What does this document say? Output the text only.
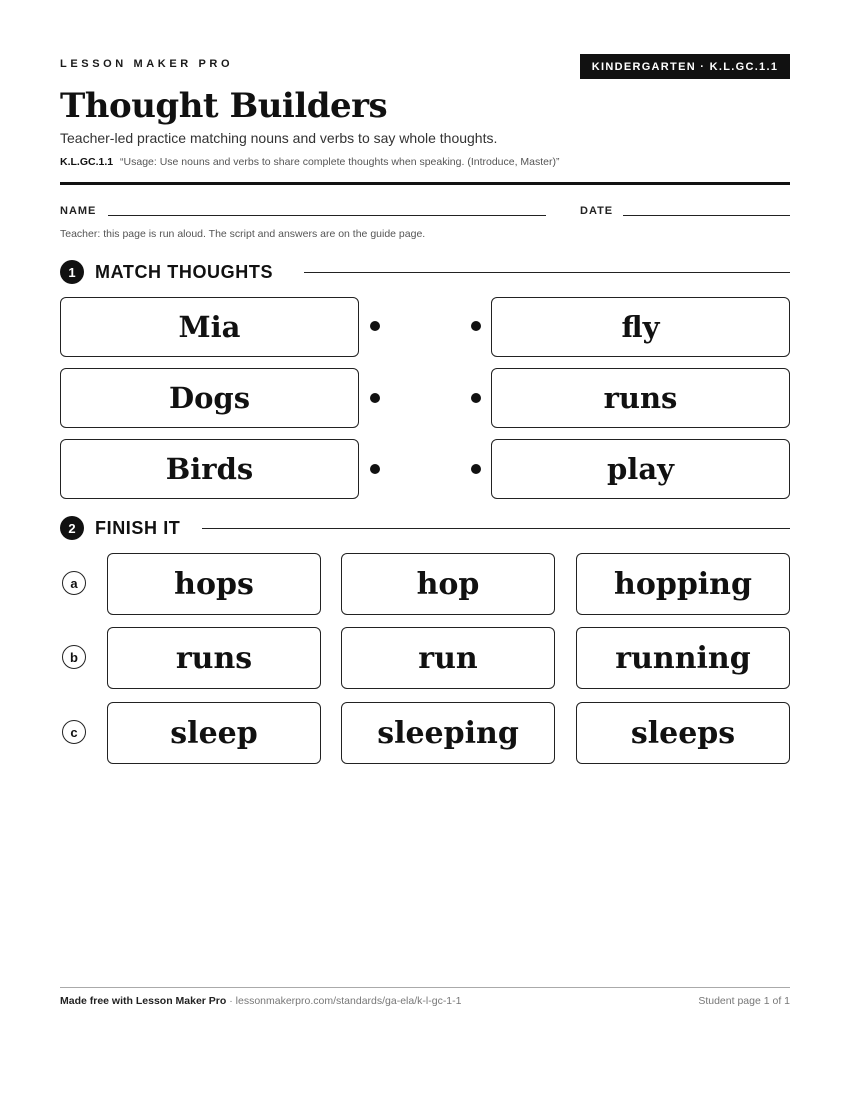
LESSON MAKER PRO	KINDERGARTEN · K.L.GC.1.1
Thought Builders
Teacher-led practice matching nouns and verbs to say whole thoughts.
K.L.GC.1.1 “Usage: Use nouns and verbs to share complete thoughts when speaking. (Introduce, Master)”
NAME	DATE
Teacher: this page is run aloud. The script and answers are on the guide page.
1	MATCH THOUGHTS
Mia
Dogs
Birds
fly
runs
play
2	FINISH IT
a	hops	hop	hopping
b	runs	run	running
c	sleep	sleeping	sleeps
Made free with Lesson Maker Pro · lessonmakerpro.com/standards/ga-ela/k-l-gc-1-1	Student page 1 of 1
